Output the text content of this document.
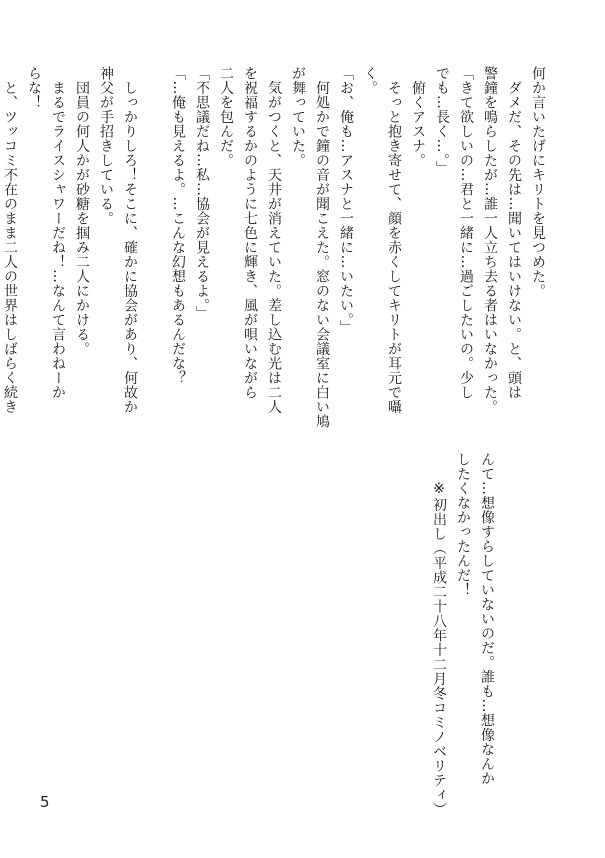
何か言いたげにキリトを見つめた。
　ダメだ、その先は…聞いてはいけない。と、頭は
警鐘を鳴らしたが…誰一人立ち去る者はいなかった。
「きて欲しいの…君と一緒に…過ごしたいの。少し
でも…長く…。」
　俯くアスナ。
　そっと抱き寄せて、顔を赤くしてキリトが耳元で囁
く。
「お、俺も…アスナと一緒に…いたい。」
　何処かで鐘の音が聞こえた。窓のない会議室に白い鳩
が舞っていた。
　気がつくと、天井が消えていた。差し込む光は二人
を祝福するかのように七色に輝き、風が唄いながら
二人を包んだ。
「不思議だね…私…協会が見えるよ。」
「…俺も見えるよ。…こんな幻想もあるんだな？

　しっかりしろ！そこに、確かに協会があり、何故か
神父が手招きしている。
　団員の何人かが砂糖を掴み二人にかける。
　まるでライスシャワーだね！…なんて言わねーか
らな！
　と、ツッコミ不在のまま二人の世界はしばらく続き
んて…想像すらしていないのだ。誰も…想像なんか
したくなかったんだ！
　　※初出し（平成二十八年十二月冬コミノベリティ）
5
